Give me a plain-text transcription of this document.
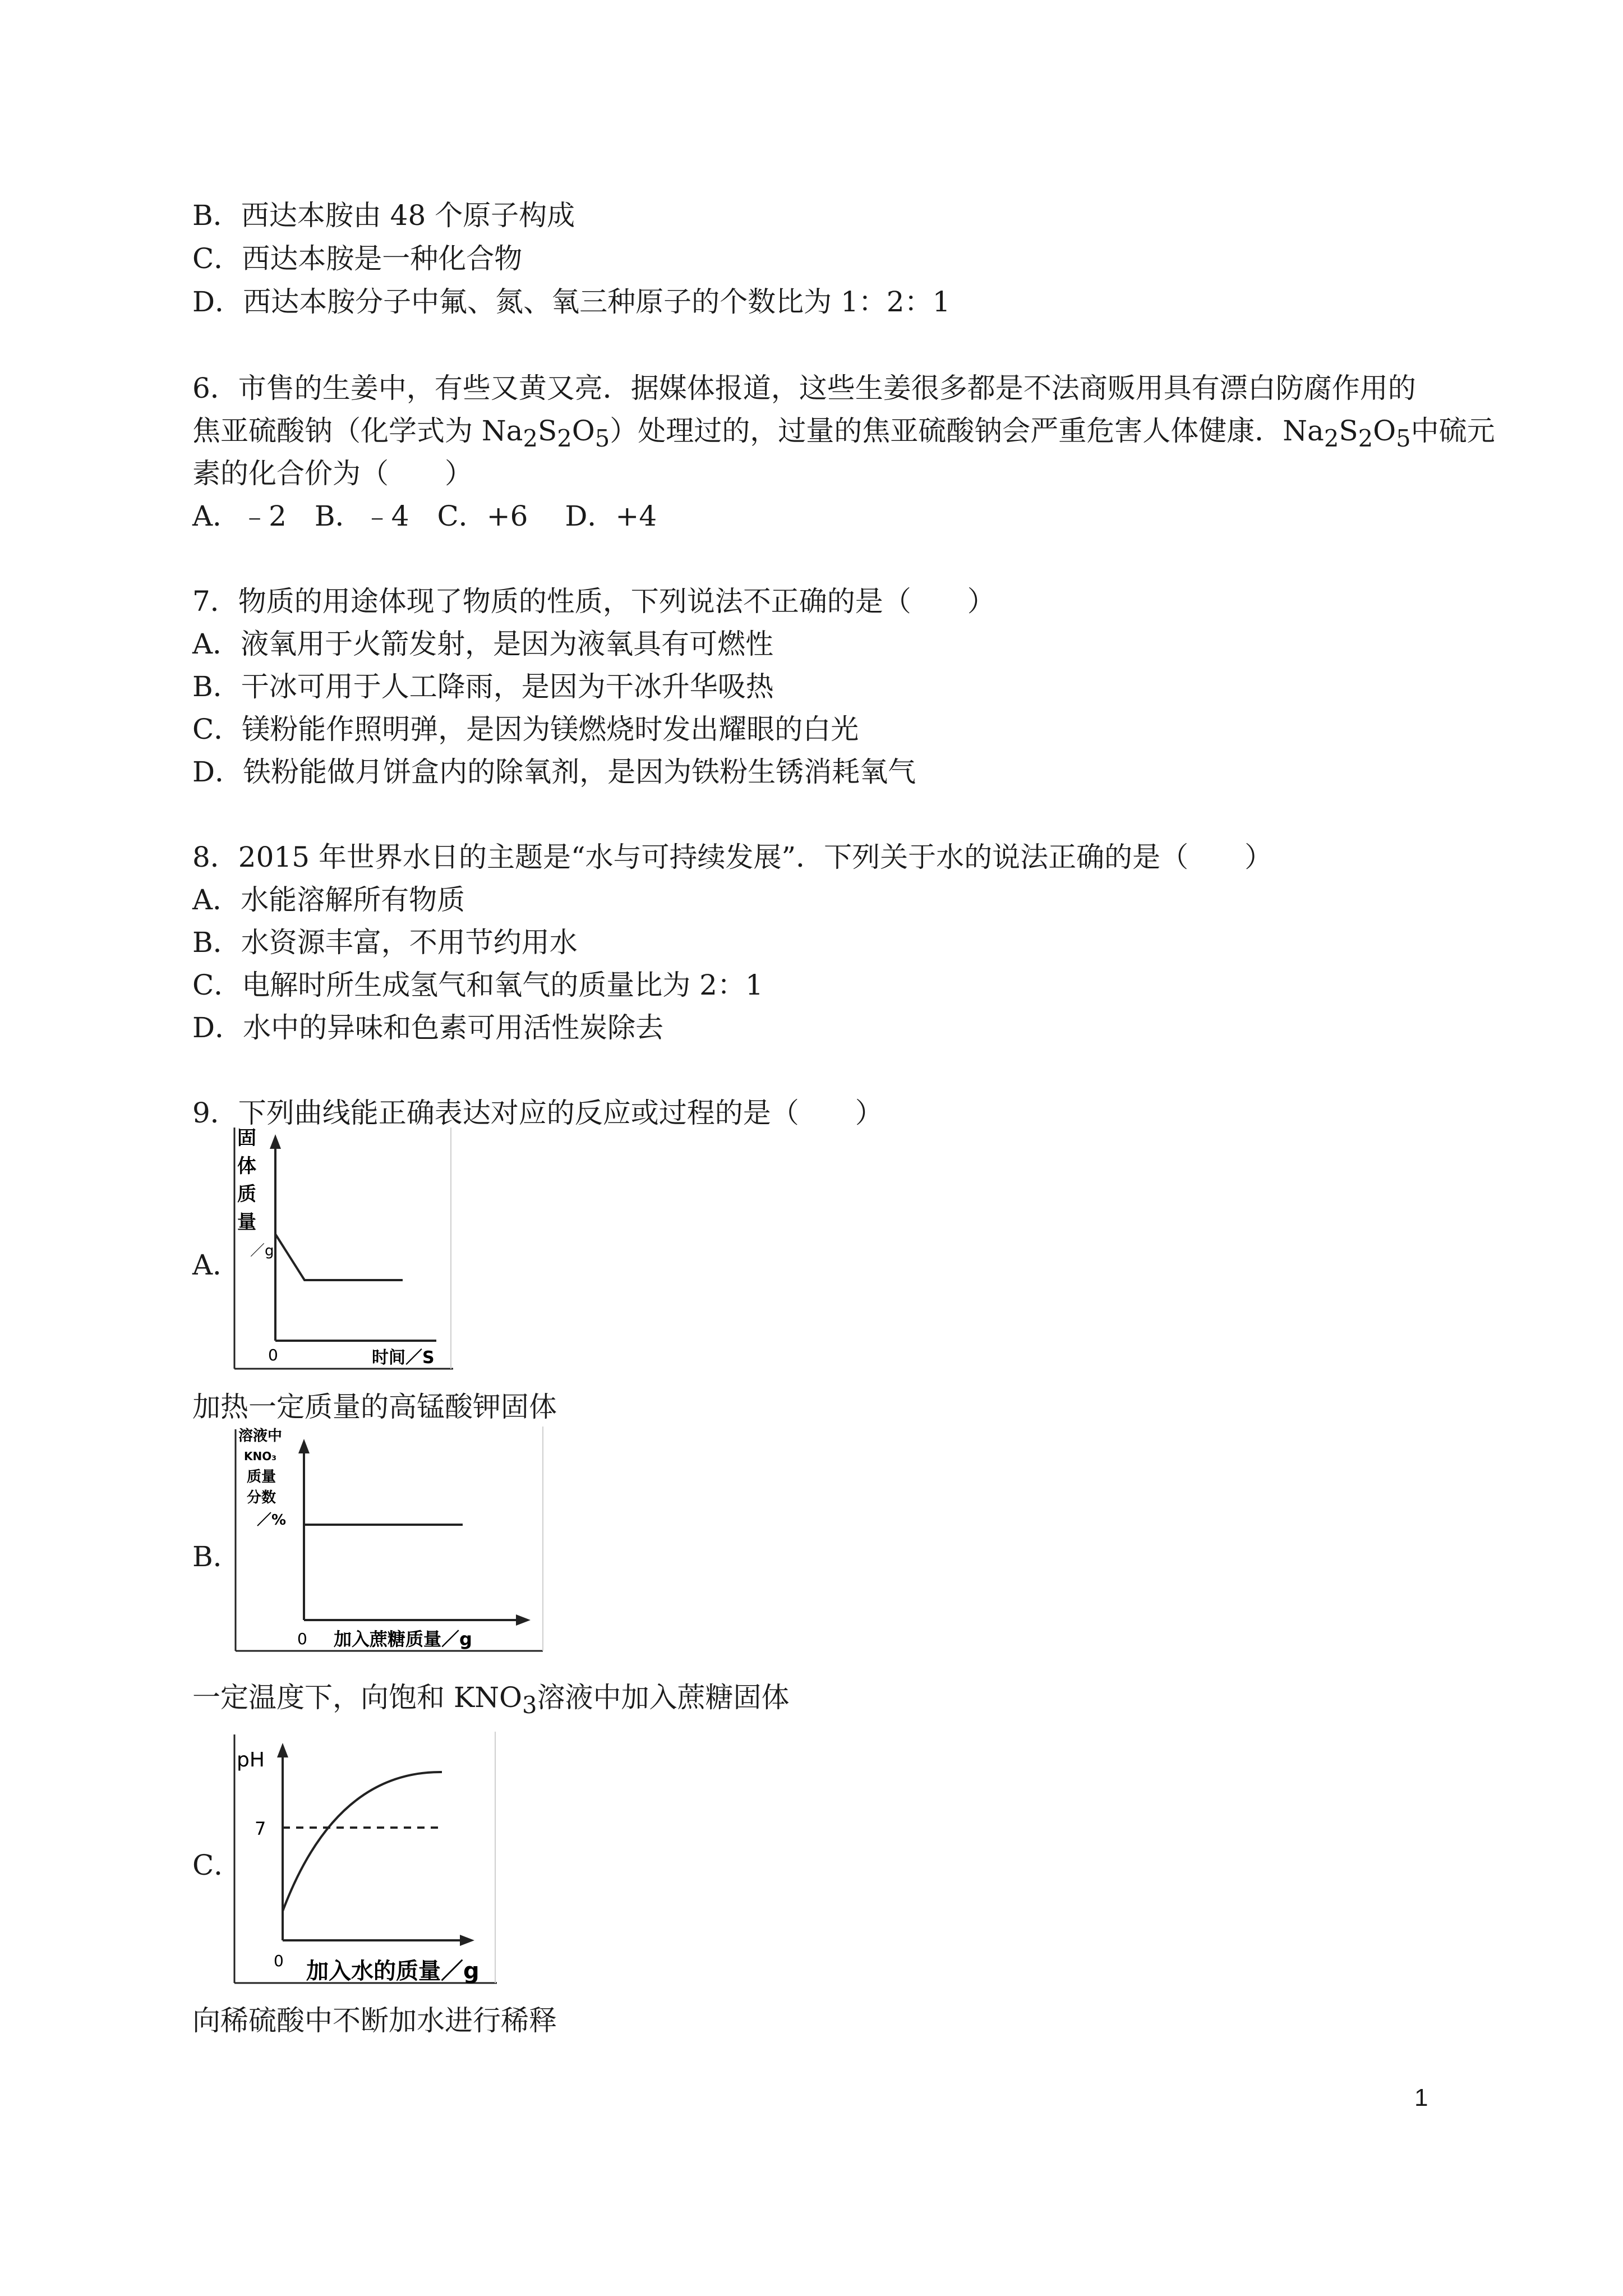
B．西达本胺由 48 个原子构成
C．西达本胺是一种化合物
D．西达本胺分子中氟、氮、氧三种原子的个数比为 1：2：1
6．市售的生姜中，有些又黄又亮．据媒体报道，这些生姜很多都是不法商贩用具有漂白防腐作用的
焦亚硫酸钠（化学式为 $Na_2S_2O_5$）处理过的，过量的焦亚硫酸钠会严重危害人体健康．$Na_2S_2O_5$中硫元
素的化合价为（　　）
A．﹣2　B．﹣4　C．+6　 D．+4
7．物质的用途体现了物质的性质，下列说法不正确的是（　　）
A．液氧用于火箭发射，是因为液氧具有可燃性
B．干冰可用于人工降雨，是因为干冰升华吸热
C．镁粉能作照明弹，是因为镁燃烧时发出耀眼的白光
D．铁粉能做月饼盒内的除氧剂，是因为铁粉生锈消耗氧气
8．2015 年世界水日的主题是“水与可持续发展”．下列关于水的说法正确的是（　　）
A．水能溶解所有物质
B．水资源丰富，不用节约用水
C．电解时所生成氢气和氧气的质量比为 2：1
D．水中的异味和色素可用活性炭除去
9．下列曲线能正确表达对应的反应或过程的是（　　）
A．
固
体
质
量
／g
0	时间／S
加热一定质量的高锰酸钾固体
B．
溶液中
KNO₃
质量
分数
／%
0 加入蔗糖质量／g
一定温度下，向饱和 $KNO_3$溶液中加入蔗糖固体
C．
pH
7
0 加入水的质量／g
向稀硫酸中不断加水进行稀释
1
